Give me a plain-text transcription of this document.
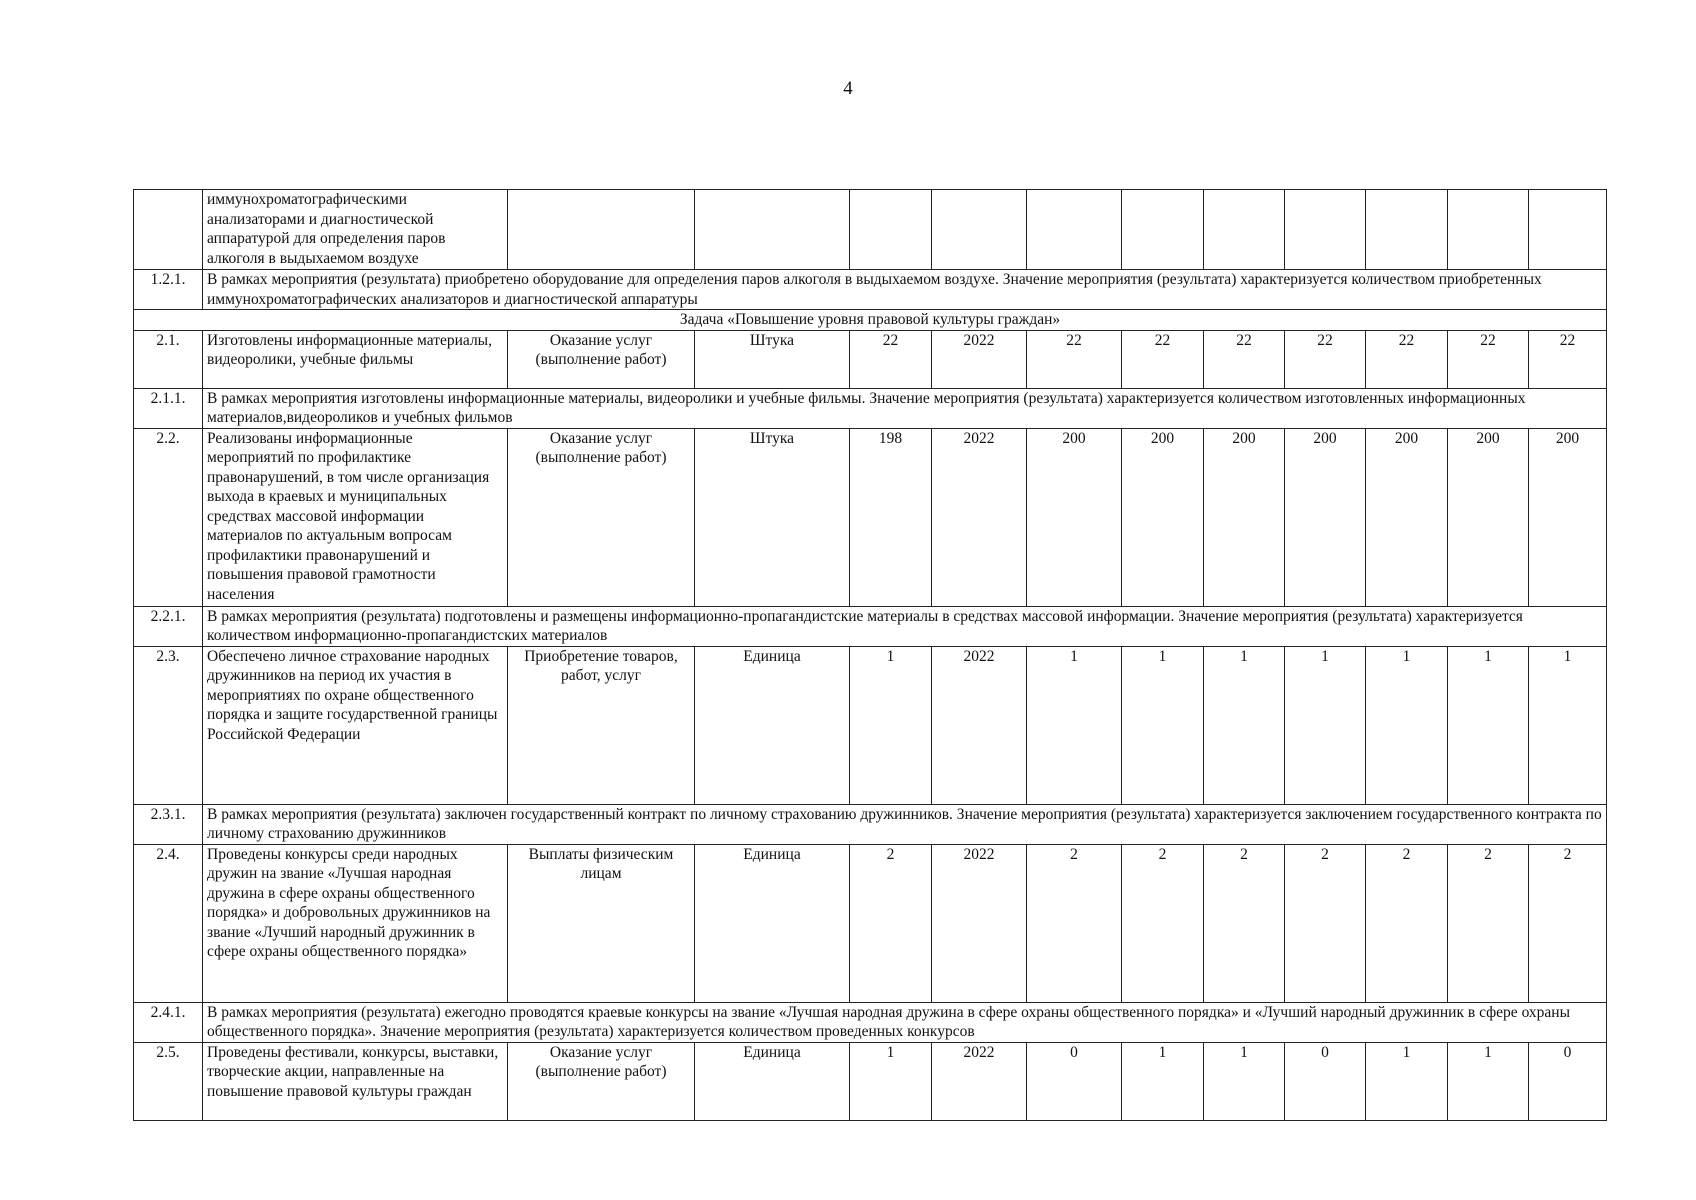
4
	иммунохроматографическими анализаторами и диагностической аппаратурой для определения паров алкоголя в выдыхаемом воздухе											
1.2.1.	В рамках мероприятия (результата) приобретено оборудование для определения паров алкоголя в выдыхаемом воздухе. Значение мероприятия (результата) характеризуется количеством приобретенных иммунохроматографических анализаторов и диагностической аппаратуры											
Задача «Повышение уровня правовой культуры граждан»												
2.1.	Изготовлены информационные материалы, видеоролики, учебные фильмы	Оказание услуг (выполнение работ)	Штука	22	2022	22	22	22	22	22	22	22
2.1.1.	В рамках мероприятия изготовлены информационные материалы, видеоролики и учебные фильмы. Значение мероприятия (результата) характеризуется количеством изготовленных информационных материалов,видеороликов и учебных фильмов											
2.2.	Реализованы информационные мероприятий по профилактике правонарушений, в том числе организация выхода в краевых и муниципальных средствах массовой информации материалов по актуальным вопросам профилактики правонарушений и повышения правовой грамотности населения	Оказание услуг (выполнение работ)	Штука	198	2022	200	200	200	200	200	200	200
2.2.1.	В рамках мероприятия (результата) подготовлены и размещены информационно-пропагандистские материалы в средствах массовой информации. Значение мероприятия (результата) характеризуется количеством информационно-пропагандистских материалов											
2.3.	Обеспечено личное страхование народных дружинников на период их участия в мероприятиях по охране общественного порядка и защите государственной границы Российской Федерации	Приобретение товаров, работ, услуг	Единица	1	2022	1	1	1	1	1	1	1
2.3.1.	В рамках мероприятия (результата) заключен государственный контракт по личному страхованию дружинников. Значение мероприятия (результата) характеризуется заключением государственного контракта по личному страхованию дружинников											
2.4.	Проведены конкурсы среди народных дружин на звание «Лучшая народная дружина в сфере охраны общественного порядка» и добровольных дружинников на звание «Лучший народный дружинник в сфере охраны общественного порядка»	Выплаты физическим лицам	Единица	2	2022	2	2	2	2	2	2	2
2.4.1.	В рамках мероприятия (результата) ежегодно проводятся краевые конкурсы на звание «Лучшая народная дружина в сфере охраны общественного порядка» и «Лучший народный дружинник в сфере охраны общественного порядка». Значение мероприятия (результата) характеризуется количеством проведенных конкурсов											
2.5.	Проведены фестивали, конкурсы, выставки, творческие акции, направленные на повышение правовой культуры граждан	Оказание услуг (выполнение работ)	Единица	1	2022	0	1	1	0	1	1	0
